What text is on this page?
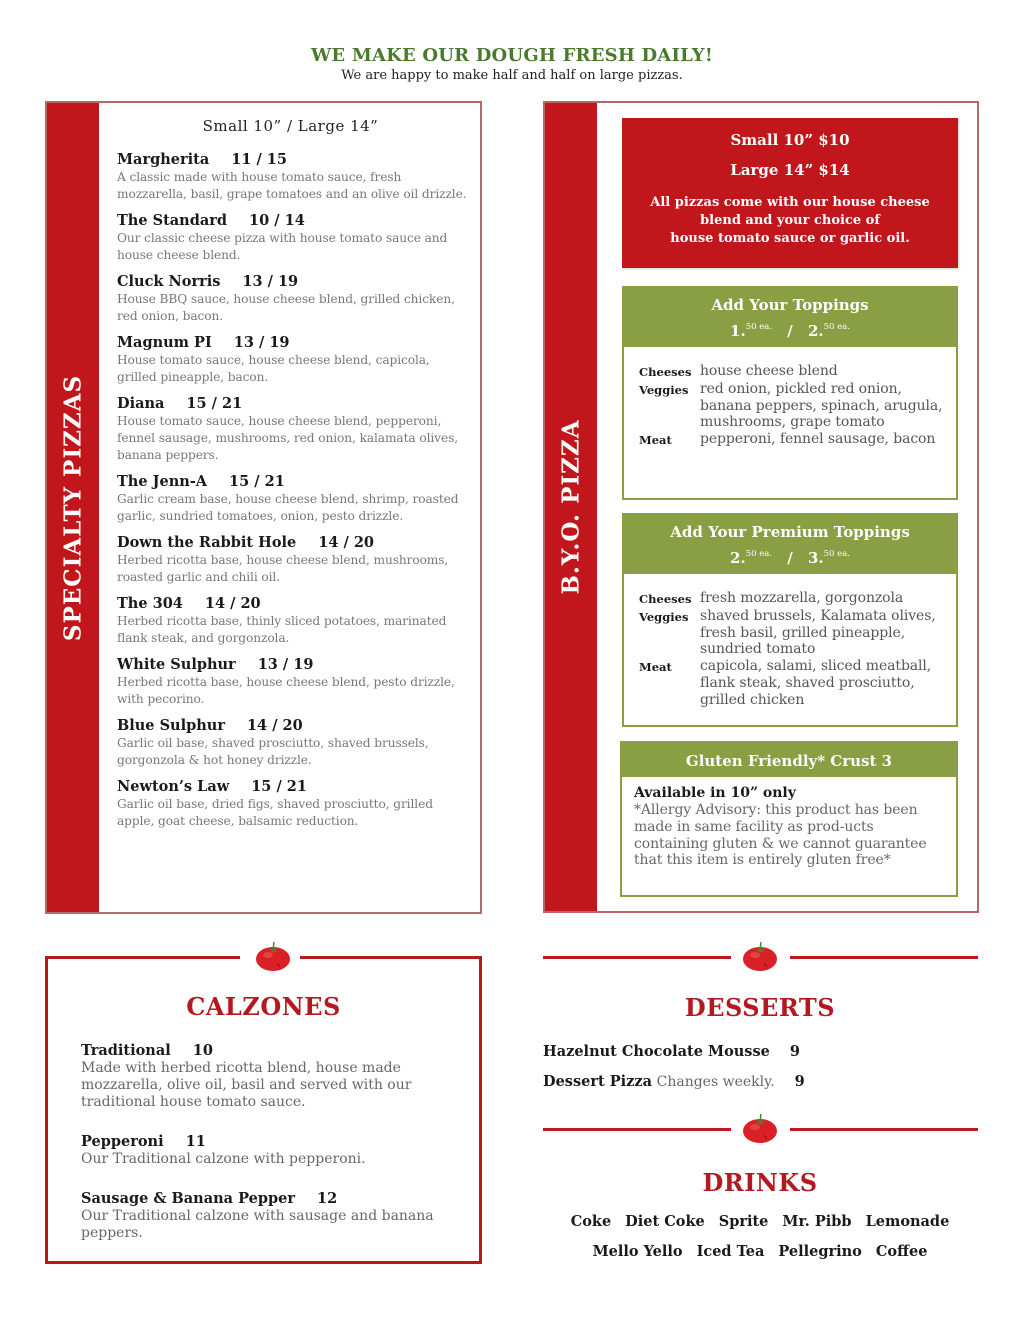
WE MAKE OUR DOUGH FRESH DAILY!
We are happy to make half and half on large pizzas.
SPECIALTY PIZZAS
Small 10” / Large 14”
Margherita 11 / 15
A classic made with house tomato sauce, fresh mozzarella, basil, grape tomatoes and an olive oil drizzle.
The Standard 10 / 14
Our classic cheese pizza with house tomato sauce and house cheese blend.
Cluck Norris 13 / 19
House BBQ sauce, house cheese blend, grilled chicken, red onion, bacon.
Magnum PI 13 / 19
House tomato sauce, house cheese blend, capicola, grilled pineapple, bacon.
Diana 15 / 21
House tomato sauce, house cheese blend, pepperoni, fennel sausage, mushrooms, red onion, kalamata olives, banana peppers.
The Jenn-A 15 / 21
Garlic cream base, house cheese blend, shrimp, roasted garlic, sundried tomatoes, onion, pesto drizzle.
Down the Rabbit Hole 14 / 20
Herbed ricotta base, house cheese blend, mushrooms, roasted garlic and chili oil.
The 304 14 / 20
Herbed ricotta base, thinly sliced potatoes, marinated flank steak, and gorgonzola.
White Sulphur 13 / 19
Herbed ricotta base, house cheese blend, pesto drizzle, with pecorino.
Blue Sulphur 14 / 20
Garlic oil base, shaved prosciutto, shaved brussels, gorgonzola & hot honey drizzle.
Newton’s Law 15 / 21
Garlic oil base, dried figs, shaved prosciutto, grilled apple, goat cheese, balsamic reduction.
B.Y.O. PIZZA
Small 10” $10
Large 14” $14
All pizzas come with our house cheese
blend and your choice of
house tomato sauce or garlic oil.
Add Your Toppings
1.$^{50 ea.}$ / 2.$^{50 ea.}$
Cheeses house cheese blend
Veggies red onion, pickled red onion, banana peppers, spinach, arugula, mushrooms, grape tomato
Meat	pepperoni, fennel sausage, bacon
Add Your Premium Toppings
2.$^{50 ea.}$ / 3.$^{50 ea.}$
Cheeses fresh mozzarella, gorgonzola
Veggies shaved brussels, Kalamata olives, fresh basil, grilled pineapple, sundried tomato
Meat	capicola, salami, sliced meatball, flank steak, shaved prosciutto, grilled chicken
Gluten Friendly* Crust 3
Available in 10” only
*Allergy Advisory: this product has been made in same facility as prod-ucts containing gluten & we cannot guarantee that this item is entirely gluten free*
CALZONES
Traditional 10
Made with herbed ricotta blend, house made mozzarella, olive oil, basil and served with our traditional house tomato sauce.
Pepperoni 11
Our Traditional calzone with pepperoni.
Sausage & Banana Pepper 12
Our Traditional calzone with sausage and banana peppers.
DESSERTS
Hazelnut Chocolate Mousse 9
Dessert Pizza Changes weekly. 9
DRINKS
Coke Diet Coke Sprite Mr. Pibb Lemonade
Mello Yello Iced Tea Pellegrino Coffee
